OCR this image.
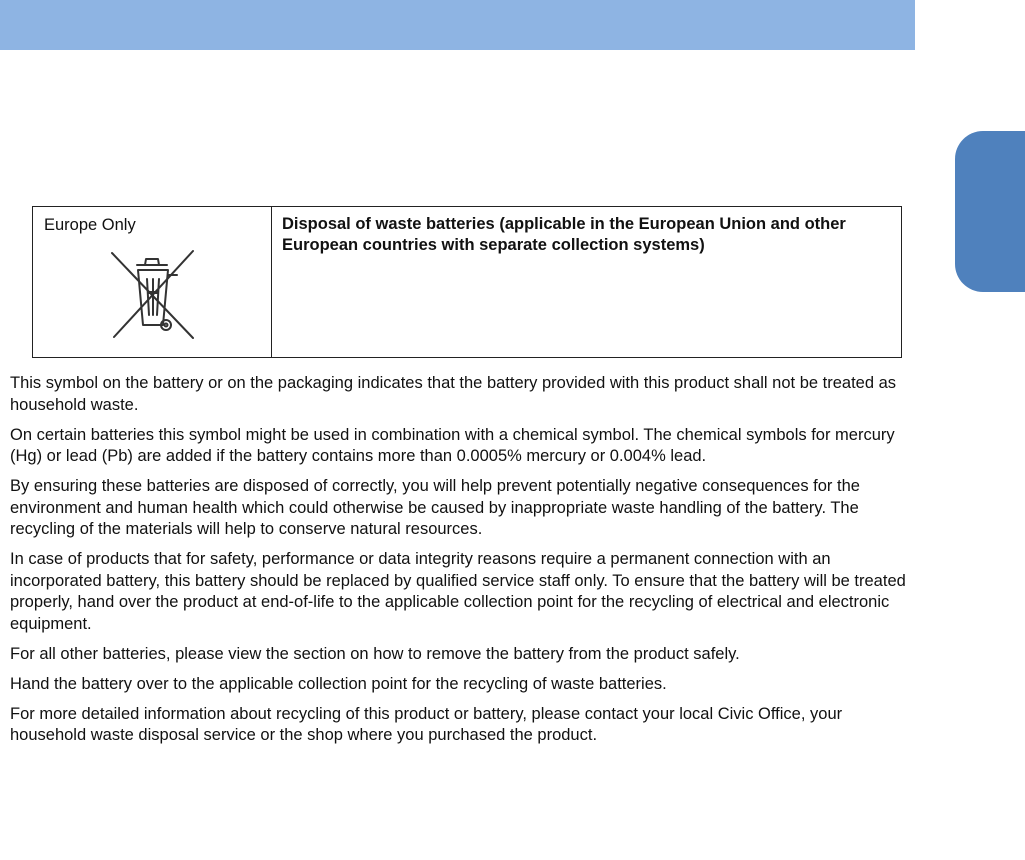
Europe Only	Disposal of waste batteries (applicable in the European Union and other European countries with separate collection systems)

This symbol on the battery or on the packaging indicates that the battery provided with this product shall not be treated as household waste.

On certain batteries this symbol might be used in combination with a chemical symbol. The chemical symbols for mercury (Hg) or lead (Pb) are added if the battery contains more than 0.0005% mercury or 0.004% lead.

By ensuring these batteries are disposed of correctly, you will help prevent potentially negative consequences for the environment and human health which could otherwise be caused by inappropriate waste handling of the battery. The recycling of the materials will help to conserve natural resources.

In case of products that for safety, performance or data integrity reasons require a permanent connection with an incorporated battery, this battery should be replaced by qualified service staff only. To ensure that the battery will be treated properly, hand over the product at end-of-life to the applicable collection point for the recycling of electrical and electronic equipment.

For all other batteries, please view the section on how to remove the battery from the product safely.

Hand the battery over to the applicable collection point for the recycling of waste batteries.

For more detailed information about recycling of this product or battery, please contact your local Civic Office, your household waste disposal service or the shop where you purchased the product.
